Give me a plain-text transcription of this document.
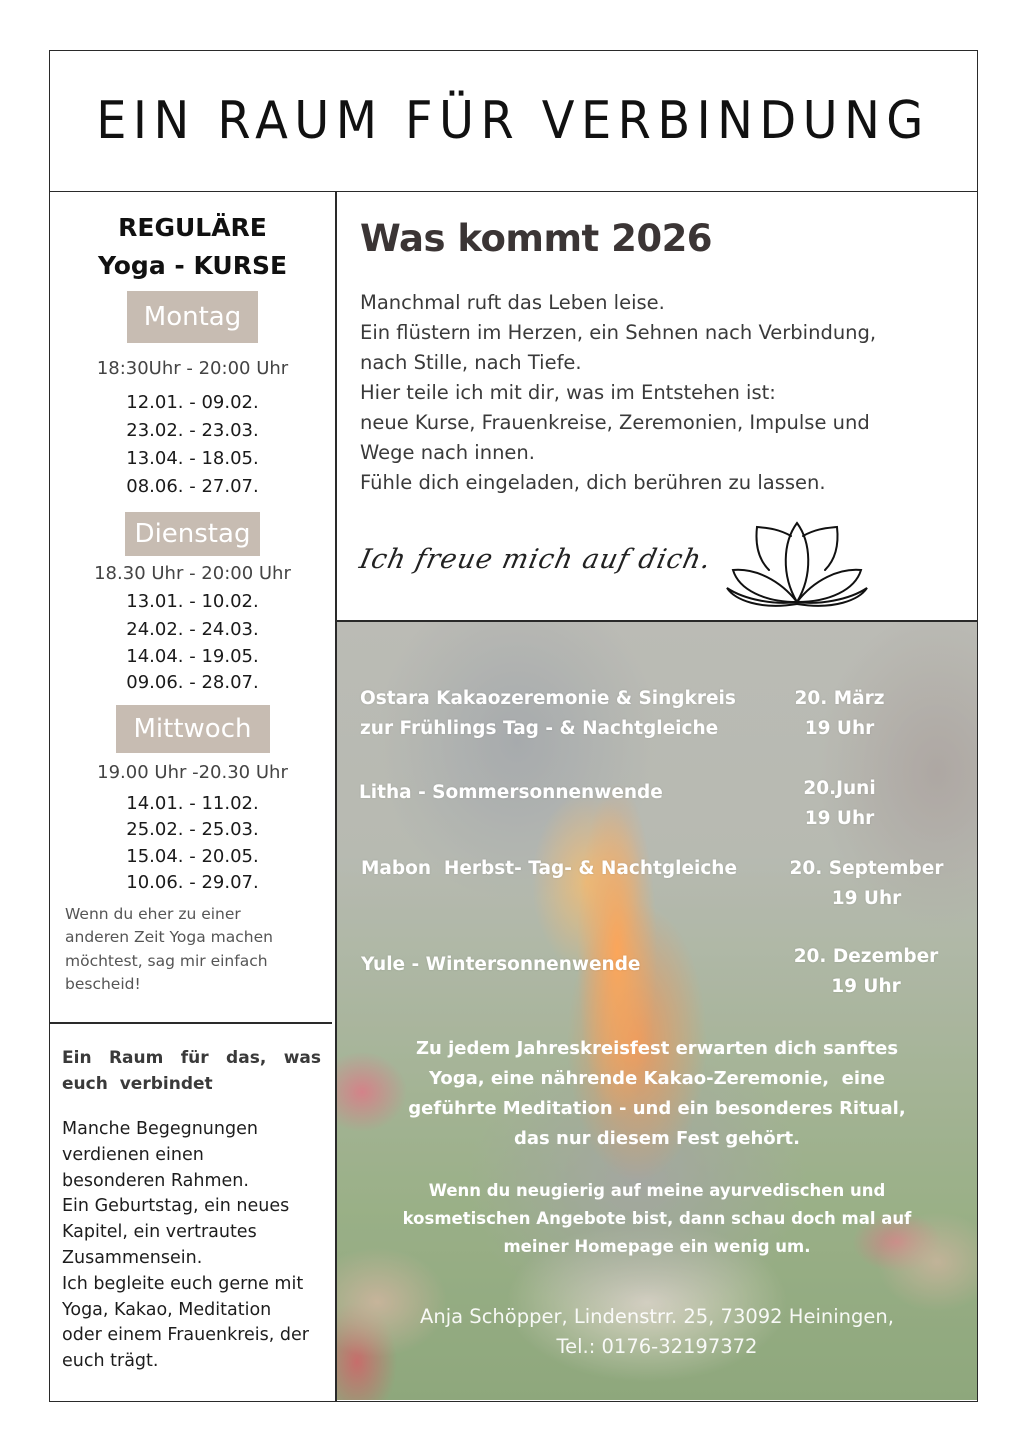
EIN RAUM FÜR VERBINDUNG
REGULÄRE
Yoga - KURSE
Montag
18:30Uhr - 20:00 Uhr
12.01. - 09.02.
23.02. - 23.03.
13.04. - 18.05.
08.06. - 27.07.
Dienstag
18.30 Uhr - 20:00 Uhr
13.01. - 10.02.
24.02. - 24.03.
14.04. - 19.05.
09.06. - 28.07.
Mittwoch
19.00 Uhr -20.30 Uhr
14.01. - 11.02.
25.02. - 25.03.
15.04. - 20.05.
10.06. - 29.07.

Wenn du eher zu einer anderen Zeit Yoga machen möchtest, sag mir einfach bescheid!

Ein Raum für das, was euch verbindet
Manche Begegnungen
verdienen einen
besonderen Rahmen.
Ein Geburtstag, ein neues
Kapitel, ein vertrautes
Zusammensein.
Ich begleite euch gerne mit
Yoga, Kakao, Meditation
oder einem Frauenkreis, der
euch trägt.
Was kommt 2026
Manchmal ruft das Leben leise.
Ein flüstern im Herzen, ein Sehnen nach Verbindung,
nach Stille, nach Tiefe.
Hier teile ich mit dir, was im Entstehen ist:
neue Kurse, Frauenkreise, Zeremonien, Impulse und
Wege nach innen.
Fühle dich eingeladen, dich berühren zu lassen.
Ich freue mich auf dich.
Ostara Kakaozeremonie & Singkreis
zur Frühlings Tag - & Nachtgleiche
20. März
19 Uhr
Litha - Sommersonnenwende	20.Juni
19 Uhr
Mabon  Herbst- Tag- & Nachtgleiche	20. September
19 Uhr
Yule - Wintersonnenwende	20. Dezember
19 Uhr
Zu jedem Jahreskreisfest erwarten dich sanftes
Yoga, eine nährende Kakao-Zeremonie,  eine
geführte Meditation - und ein besonderes Ritual,
das nur diesem Fest gehört.
Wenn du neugierig auf meine ayurvedischen und
kosmetischen Angebote bist, dann schau doch mal auf
meiner Homepage ein wenig um.
Anja Schöpper, Lindenstrr. 25, 73092 Heiningen,
Tel.: 0176-32197372
